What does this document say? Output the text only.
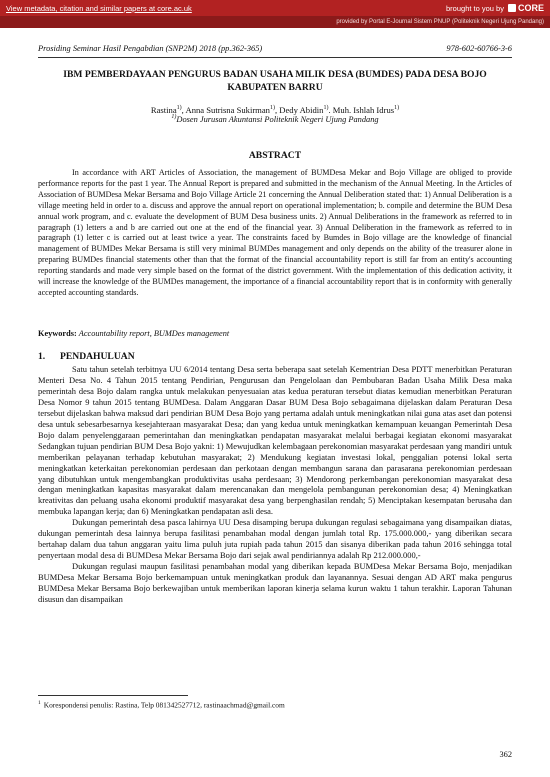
View metadata, citation and similar papers at core.ac.uk	brought to you by CORE
provided by Portal E-Journal Sistem PNUP (Politeknik Negeri Ujung Pandang)
Prosiding Seminar Hasil Pengabdian (SNP2M) 2018 (pp.362-365)	978-602-60766-3-6
IBM PEMBERDAYAAN PENGURUS BADAN USAHA MILIK DESA (BUMDES) PADA DESA BOJO KABUPATEN BARRU
Rastina$^{1)}$, Anna Sutrisna Sukirman$^{1)}$, Dedy Abidin$^{1)}$. Muh. Ishlah Idrus$^{1)}$
$^{1)}$Dosen Jurusan Akuntansi Politeknik Negeri Ujung Pandang
ABSTRACT
In accordance with ART Articles of Association, the management of BUMDesa Mekar and Bojo Village are obliged to provide performance reports for the past 1 year. The Annual Report is prepared and submitted in the mechanism of the Annual Meeting. In the Articles of Association of BUMDesa Mekar Bersama and Bojo Village Article 21 concerning the Annual Deliberation stated that: 1) Annual Deliberation is a village meeting held in order to a. discuss and approve the annual report on operational implementation; b. compile and determine the BUM Desa annual work program, and c. evaluate the development of BUM Desa business units. 2) Annual Deliberations in the framework as referred to in paragraph (1) letters a and b are carried out one at the end of the financial year. 3) Annual Deliberation in the framework as referred to in paragraph (1) letter c is carried out at least twice a year. The constraints faced by Bumdes in Bojo village are the knowledge of financial management of BUMDes Mekar Bersama is still very minimal BUMDes management and only depends on the ability of the treasurer alone in preparing BUMDes financial statements other than that the format of the financial accountability report is still far from an entity's accounting reporting standards and made very simple based on the format of the district government. With the implementation of this dedication activity, it will increase the knowledge of the BUMDes management, the importance of a financial accountability report that is in conformity with generally accepted accounting standards.
Keywords: Accountability report, BUMDes management
1. PENDAHULUAN

Satu tahun setelah terbitnya UU 6/2014 tentang Desa serta beberapa saat setelah Kementrian Desa PDTT menerbitkan Peraturan Menteri Desa No. 4 Tahun 2015 tentang Pendirian, Pengurusan dan Pengelolaan dan Pembubaran Badan Usaha Milik Desa maka pemerintah desa Bojo dalam rangka untuk melakukan penyesuaian atas kedua peraturan tersebut diatas kemudian menerbitkan Peraturan Desa Nomor 9 tahun 2015 tentang BUMDesa. Dalam Anggaran Dasar BUM Desa Bojo sebagaimana dijelaskan dalam Peraturan Desa tersebut dijelaskan bahwa maksud dari pendirian BUM Desa Bojo yang pertama adalah untuk meningkatkan nilai guna atas aset dan potensi desa untuk sebesarbesarnya kesejahteraan masyarakat Desa; dan yang kedua untuk meningkatkan kemampuan keuangan Pemerintah Desa Bojo dalam penyelenggaraan pemerintahan dan meningkatkan pendapatan masyarakat melalui berbagai kegiatan ekonomi masyarakat Sedangkan tujuan pendirian BUM Desa Bojo yakni: 1) Mewujudkan kelembagaan perekonomian masyarakat perdesaan yang mandiri untuk memberikan pelayanan terhadap kebutuhan masyarakat; 2) Mendukung kegiatan investasi lokal, penggalian potensi lokal serta meningkatkan keterkaitan perekonomian perdesaan dan perkotaan dengan membangun sarana dan parasarana perekonomian perdesaan yang dibutuhkan untuk mengembangkan produktivitas usaha perdesaan; 3) Mendorong perkembangan perekonomian masyarakat desa dengan meningkatkan kapasitas masyarakat dalam merencanakan dan mengelola pembangunan perekonomian desa; 4) Meningkatkan kreativitas dan peluang usaha ekonomi produktif masyarakat desa yang berpenghasilan rendah; 5) Menciptakan kesempatan berusaha dan membuka lapangan kerja; dan 6) Meningkatkan pendapatan asli desa.

Dukungan pemerintah desa pasca lahirnya UU Desa disamping berupa dukungan regulasi sebagaimana yang disampaikan diatas, dukungan pemerintah desa lainnya berupa fasilitasi penambahan modal dengan jumlah total Rp. 175.000.000,- yang diberikan secara bertahap dalam dua tahun anggaran yaitu lima puluh juta rupiah pada tahun 2015 dan sisanya diberikan pada tahun 2016 sehingga total penyertaan modal desa di BUMDesa Mekar Bersama Bojo dari sejak awal pendiriannya adalah Rp 212.000.000,-

Dukungan regulasi maupun fasilitasi penambahan modal yang diberikan kepada BUMDesa Mekar Bersama Bojo, menjadikan BUMDesa Mekar Bersama Bojo berkemampuan untuk meningkatkan produk dan layanannya. Sesuai dengan AD ART maka pengurus BUMDesa Mekar Bersama Bojo berkewajiban untuk memberikan laporan kinerja selama kurun waktu 1 tahun terakhir. Laporan Tahunan disusun dan disampaikan

$^1$ Korespondensi penulis: Rastina, Telp 081342527712, rastinaachmad@gmail.com
362
